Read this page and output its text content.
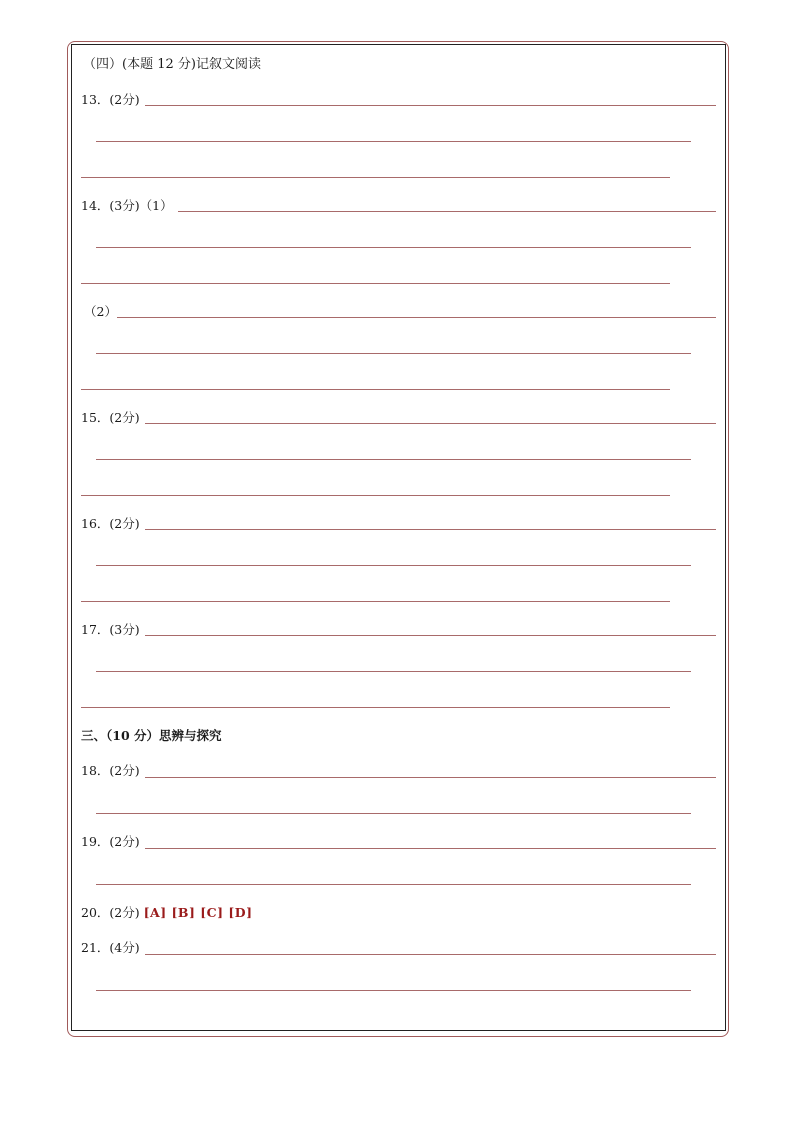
（四）(本题 12 分)记叙文阅读
13．(2分)
14．(3分)（1）
（2）
15．(2分)
16．(2分)
17．(3分)
三、（10 分）思辨与探究
18．(2分)
19．(2分)
20．(2分) [A] [B] [C] [D]
21．(4分)
